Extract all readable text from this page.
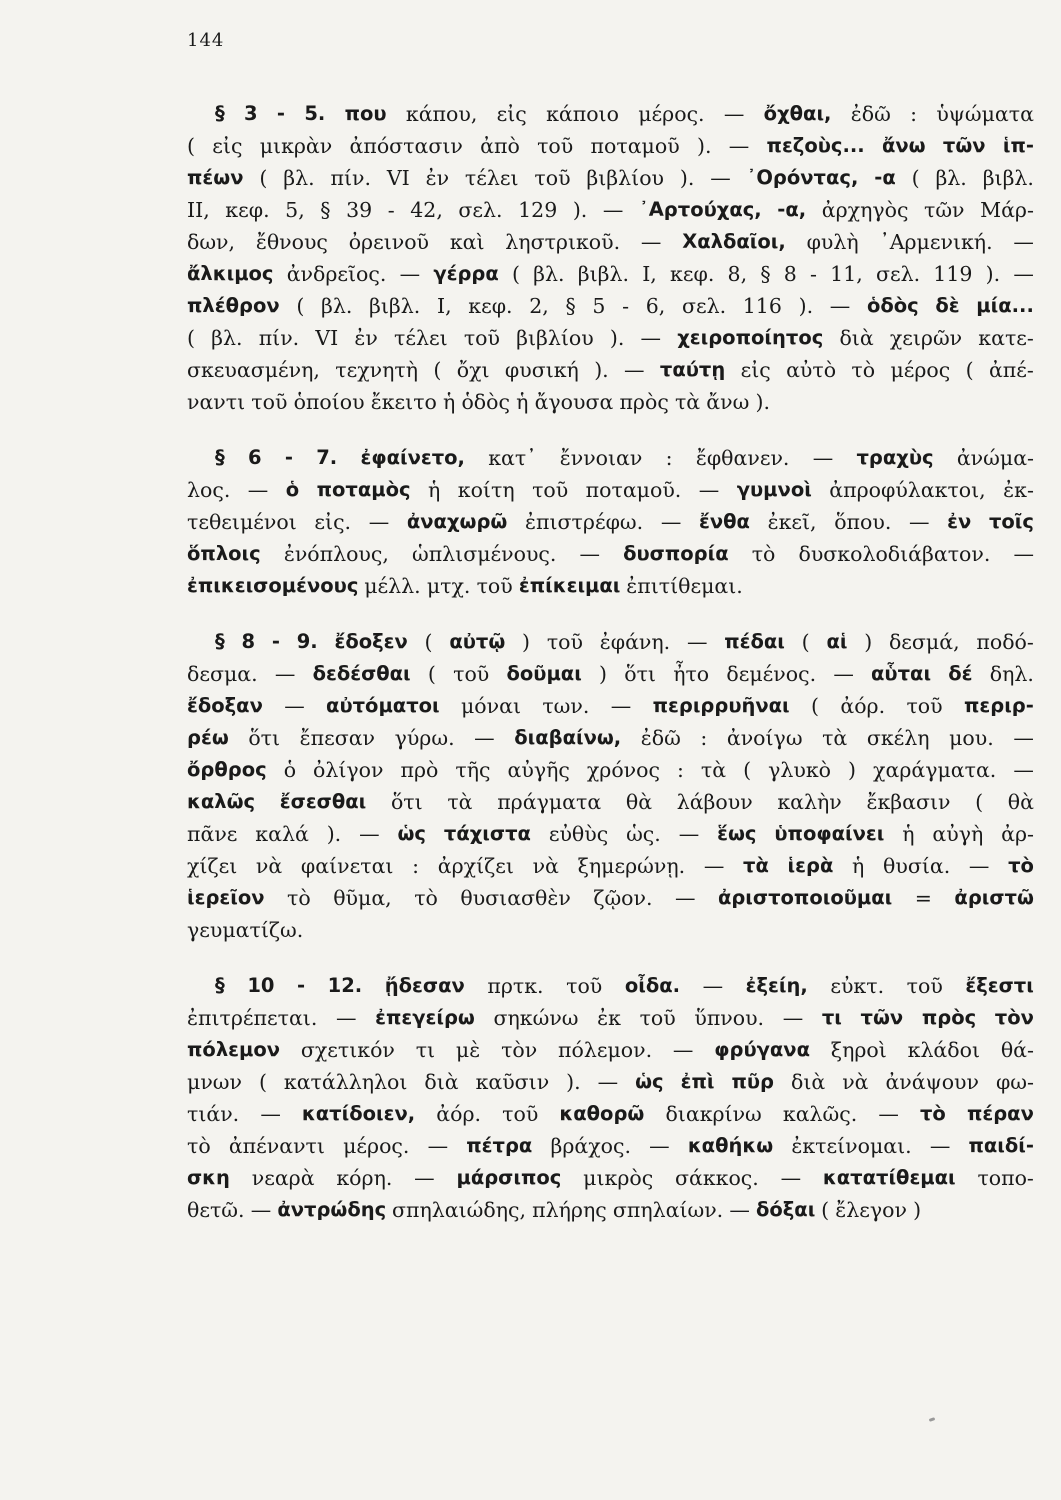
144
§ 3 - 5. που κάπου, εἰς κάποιο μέρος. — ὄχθαι, ἐδῶ : ὑψώματα
( εἰς μικρὰν ἀπόστασιν ἀπὸ τοῦ ποταμοῦ ). — πεζοὺς... ἄνω τῶν ἱπ-
πέων ( βλ. πίν. VI ἐν τέλει τοῦ βιβλίου ). — ᾿Ορόντας, -α ( βλ. βιβλ.
II, κεφ. 5, § 39 - 42, σελ. 129 ). — ᾿Αρτούχας, -α, ἀρχηγὸς τῶν Μάρ-
δων, ἔθνους ὀρεινοῦ καὶ ληστρικοῦ. — Χαλδαῖοι, φυλὴ ᾿Αρμενική. —
ἄλκιμος ἀνδρεῖος. — γέρρα ( βλ. βιβλ. I, κεφ. 8, § 8 - 11, σελ. 119 ). —
πλέθρον ( βλ. βιβλ. I, κεφ. 2, § 5 - 6, σελ. 116 ). — ὁδὸς δὲ μία...
( βλ. πίν. VI ἐν τέλει τοῦ βιβλίου ). — χειροποίητος διὰ χειρῶν κατε-
σκευασμένη, τεχνητὴ ( ὄχι φυσική ). — ταύτῃ εἰς αὐτὸ τὸ μέρος ( ἀπέ-
ναντι τοῦ ὁποίου ἔκειτο ἡ ὁδὸς ἡ ἄγουσα πρὸς τὰ ἄνω ).
§ 6 - 7. ἐφαίνετο, κατ᾿ ἔννοιαν : ἔφθανεν. — τραχὺς ἀνώμα-
λος. — ὁ ποταμὸς ἡ κοίτη τοῦ ποταμοῦ. — γυμνοὶ ἀπροφύλακτοι, ἐκ-
τεθειμένοι εἰς. — ἀναχωρῶ ἐπιστρέφω. — ἔνθα ἐκεῖ, ὅπου. — ἐν τοῖς
ὅπλοις ἐνόπλους, ὡπλισμένους. — δυσπορία τὸ δυσκολοδιάβατον. —
ἐπικεισομένους μέλλ. μτχ. τοῦ ἐπίκειμαι ἐπιτίθεμαι.
§ 8 - 9. ἔδοξεν ( αὐτῷ ) τοῦ ἐφάνη. — πέδαι ( αἱ ) δεσμά, ποδό-
δεσμα. — δεδέσθαι ( τοῦ δοῦμαι ) ὅτι ἦτο δεμένος. — αὗται δέ δηλ.
ἔδοξαν — αὐτόματοι μόναι των. — περιρρυῆναι ( ἀόρ. τοῦ περιρ-
ρέω ὅτι ἔπεσαν γύρω. — διαβαίνω, ἐδῶ : ἀνοίγω τὰ σκέλη μου. —
ὄρθρος ὁ ὀλίγον πρὸ τῆς αὐγῆς χρόνος : τὰ ( γλυκὸ ) χαράγματα. —
καλῶς ἔσεσθαι ὅτι τὰ πράγματα θὰ λάβουν καλὴν ἔκβασιν ( θὰ
πᾶνε καλά ). — ὡς τάχιστα εὐθὺς ὡς. — ἕως ὑποφαίνει ἡ αὐγὴ ἀρ-
χίζει νὰ φαίνεται : ἀρχίζει νὰ ξημερώνῃ. — τὰ ἱερὰ ἡ θυσία. — τὸ
ἱερεῖον τὸ θῦμα, τὸ θυσιασθὲν ζῷον. — ἀριστοποιοῦμαι = ἀριστῶ
γευματίζω.
§ 10 - 12. ᾔδεσαν πρτκ. τοῦ οἶδα. — ἐξείη, εὐκτ. τοῦ ἔξεστι
ἐπιτρέπεται. — ἐπεγείρω σηκώνω ἐκ τοῦ ὕπνου. — τι τῶν πρὸς τὸν
πόλεμον σχετικόν τι μὲ τὸν πόλεμον. — φρύγανα ξηροὶ κλάδοι θά-
μνων ( κατάλληλοι διὰ καῦσιν ). — ὡς ἐπὶ πῦρ διὰ νὰ ἀνάψουν φω-
τιάν. — κατίδοιεν, ἀόρ. τοῦ καθορῶ διακρίνω καλῶς. — τὸ πέραν
τὸ ἀπέναντι μέρος. — πέτρα βράχος. — καθήκω ἐκτείνομαι. — παιδί-
σκη νεαρὰ κόρη. — μάρσιπος μικρὸς σάκκος. — κατατίθεμαι τοπο-
θετῶ. — ἀντρώδης σπηλαιώδης, πλήρης σπηλαίων. — δόξαι ( ἔλεγον )
